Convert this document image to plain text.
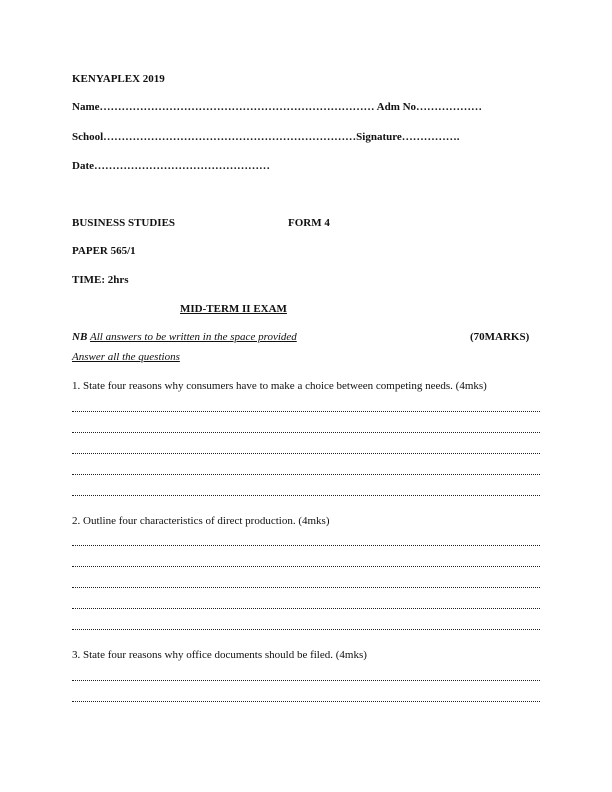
KENYAPLEX 2019
Name………………………………………………………………… Adm No………………
School……………………………………………………………Signature…………….
Date…………………………………………
BUSINESS STUDIES	FORM 4
PAPER 565/1
TIME: 2hrs
MID-TERM II EXAM
NB All answers to be written in the space provided	(70MARKS)
Answer all the questions
1. State four reasons why consumers have to make a choice between competing needs. (4mks)
2. Outline four characteristics of direct production. (4mks)
3. State four reasons why office documents should be filed. (4mks)
